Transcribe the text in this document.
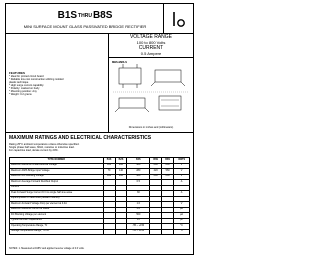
B1STHRUB8S
MINI SURFACE MOUNT GLASS PASSIVATED BRIDGE RECTIFIER
FEATURES
* Ideal for printed circuit board
* Reliable low cost construction utilizing molded
plastic technique
* High surge current capability
* Polarity: marked on body
* Mounting position: Any
* Weight: 0.2 grams
VOLTAGE RANGE
100 to 800 Volts
CURRENT
0.5 Ampere
MBS-MBS-S
Dimensions in inches and (millimeters)
MAXIMUM RATINGS AND ELECTRICAL CHARACTERISTICS
Rating 25°C ambient temperature unless otherwise specified.
Single phase half wave, 60Hz, resistive or inductive load.
For capacitive load, derate current by 20%.
TYPE NUMBER	B1S	B2S	B4S	B6S	B8S	UNITS
Maximum Recurrent Peak Reverse Voltage	100	200	400	600	800	V
Maximum RMS Bridge Input Voltage	70	140	280	420	560	V
Maximum DC Blocking Voltage	100	200	400	600	800	V
Maximum Average Forward Rectified Output			0.5			A
Current						
Peak Forward Surge Current 8.3 ms single half sine-wave			30			A
superimposed on rated load (JEDEC method)						
Maximum Forward Voltage Drop per element at 0.4A			1.0			V
Maximum Reverse Current at Rated			5.0			µA
DC Blocking Voltage per element			500			µA
Typical Junction Capacitance			13			pF
Operating Temperature Range, TJ			-55 ~ +150			°C
Storage Temperature Range, TSTG			-55 ~ +150			°C
NOTES: 1. Measured at 1MHz and applied reverse voltage of 4.0 volts.
